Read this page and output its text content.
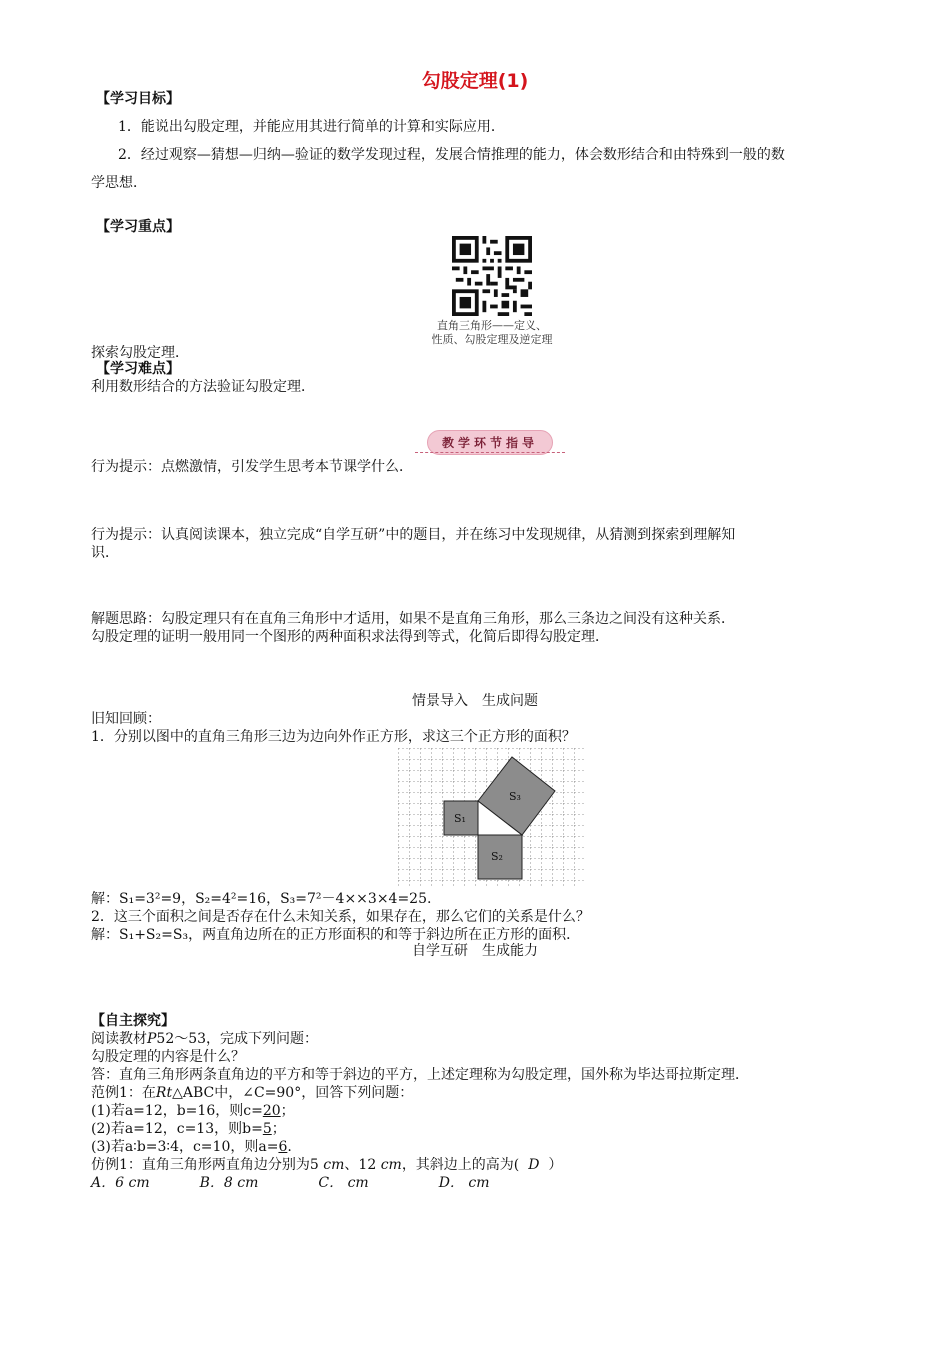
勾股定理(1)
【学习目标】
1．能说出勾股定理，并能应用其进行简单的计算和实际应用．
2．经过观察—猜想—归纳—验证的数学发现过程，发展合情推理的能力，体会数形结合和由特殊到一般的数
学思想．
【学习重点】
直角三角形——定义、
性质、勾股定理及逆定理
探索勾股定理．
【学习难点】
利用数形结合的方法验证勾股定理．
教学环节指导
行为提示：点燃激情，引发学生思考本节课学什么．
行为提示：认真阅读课本，独立完成“自学互研”中的题目，并在练习中发现规律，从猜测到探索到理解知
识．
解题思路：勾股定理只有在直角三角形中才适用，如果不是直角三角形，那么三条边之间没有这种关系．
勾股定理的证明一般用同一个图形的两种面积求法得到等式，化简后即得勾股定理．
情景导入　生成问题
旧知回顾：
1．分别以图中的直角三角形三边为边向外作正方形，求这三个正方形的面积？
S₁
S₂
S₃
解：S₁=3²=9，S₂=4²=16，S₃=7²－4××3×4=25.
2．这三个面积之间是否存在什么未知关系，如果存在，那么它们的关系是什么？
解：S₁+S₂=S₃，两直角边所在的正方形面积的和等于斜边所在正方形的面积．
自学互研　生成能力
【自主探究】
阅读教材P52～53，完成下列问题：
勾股定理的内容是什么？
答：直角三角形两条直角边的平方和等于斜边的平方，上述定理称为勾股定理，国外称为毕达哥拉斯定理．
范例1：在Rt△ABC中，∠C=90°，回答下列问题：
(1)若a=12，b=16，则c=20；
(2)若a=12，c=13，则b=5；
(3)若a∶b=3∶4，c=10，则a=6.
仿例1：直角三角形两直角边分别为5 cm、12 cm，其斜边上的高为( D ）
A．6 cm	B．8 cm	C． cm	D． cm
